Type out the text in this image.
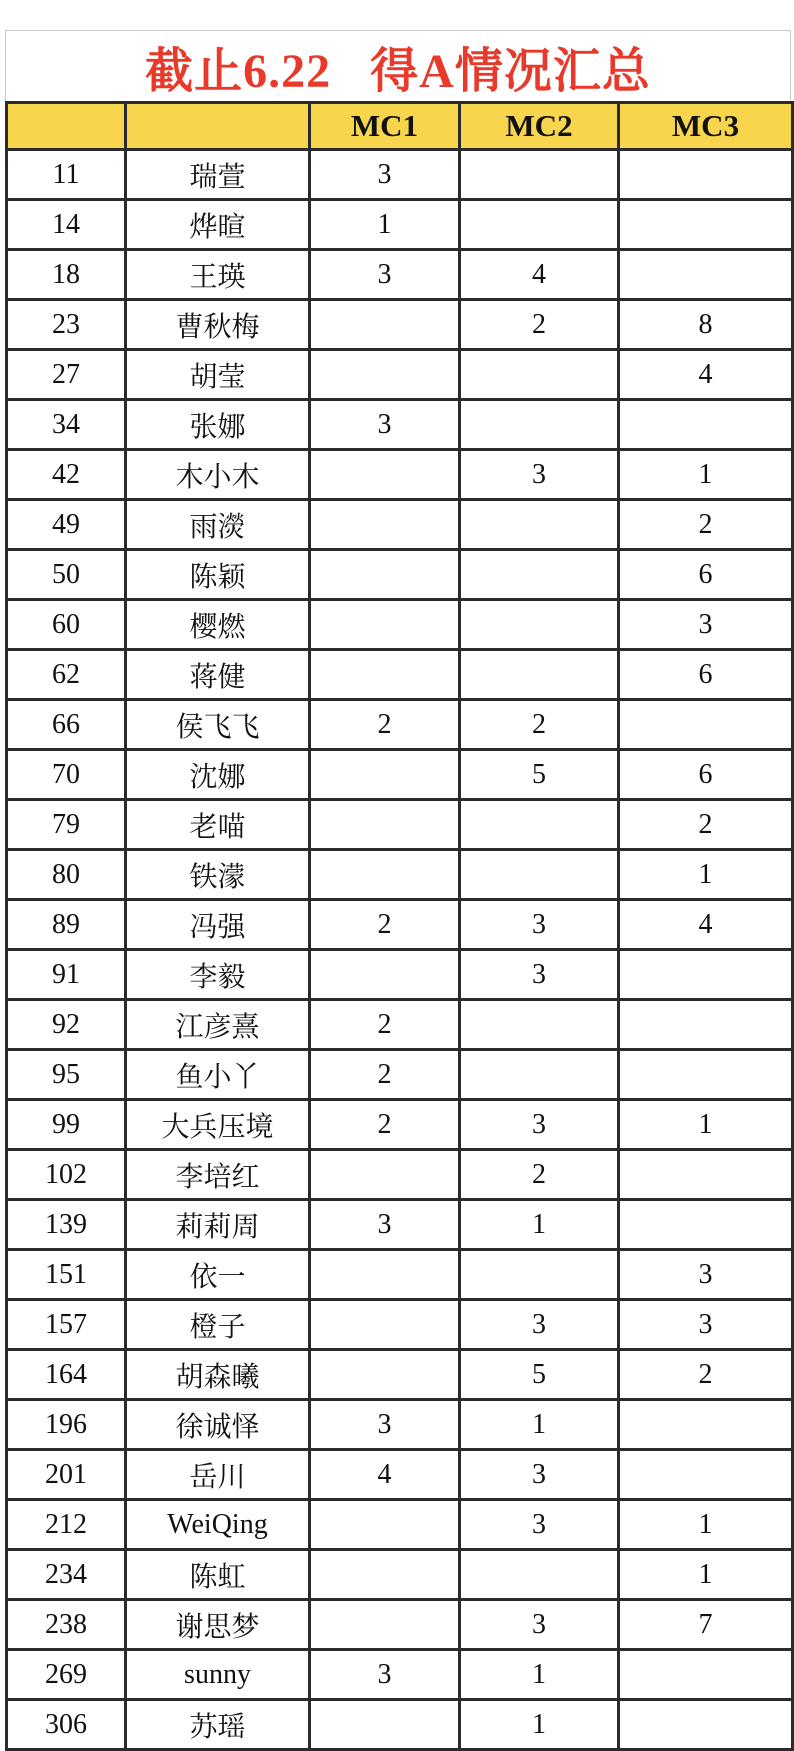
截止6.22   得A情况汇总
		MC1	MC2	MC3
11	瑞萱	3		
14	烨暄	1		
18	王瑛	3	4	
23	曹秋梅		2	8
27	胡莹			4
34	张娜	3		
42	木小木		3	1
49	雨濙			2
50	陈颖			6
60	樱燃			3
62	蒋健			6
66	侯飞飞	2	2	
70	沈娜		5	6
79	老喵			2
80	铁濛			1
89	冯强	2	3	4
91	李毅		3	
92	江彦熹	2		
95	鱼小丫	2		
99	大兵压境	2	3	1
102	李培红		2	
139	莉莉周	3	1	
151	依一			3
157	橙子		3	3
164	胡森曦		5	2
196	徐诚怿	3	1	
201	岳川	4	3	
212	WeiQing		3	1
234	陈虹			1
238	谢思梦		3	7
269	sunny	3	1	
306	苏瑶		1	
